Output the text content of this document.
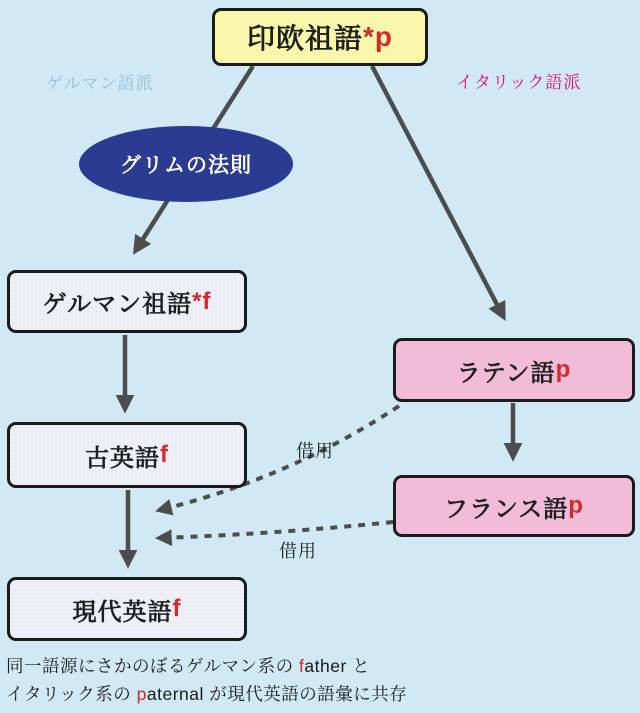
印欧祖語 *p
ゲルマン語派	イタリック語派
グリムの法則
ゲルマン祖語 *f
古英語 f
現代英語 f
ラテン語 p
フランス語 p
借用
借用
同一語源にさかのぼるゲルマン系の father と
イタリック系の paternal が現代英語の語彙に共存
